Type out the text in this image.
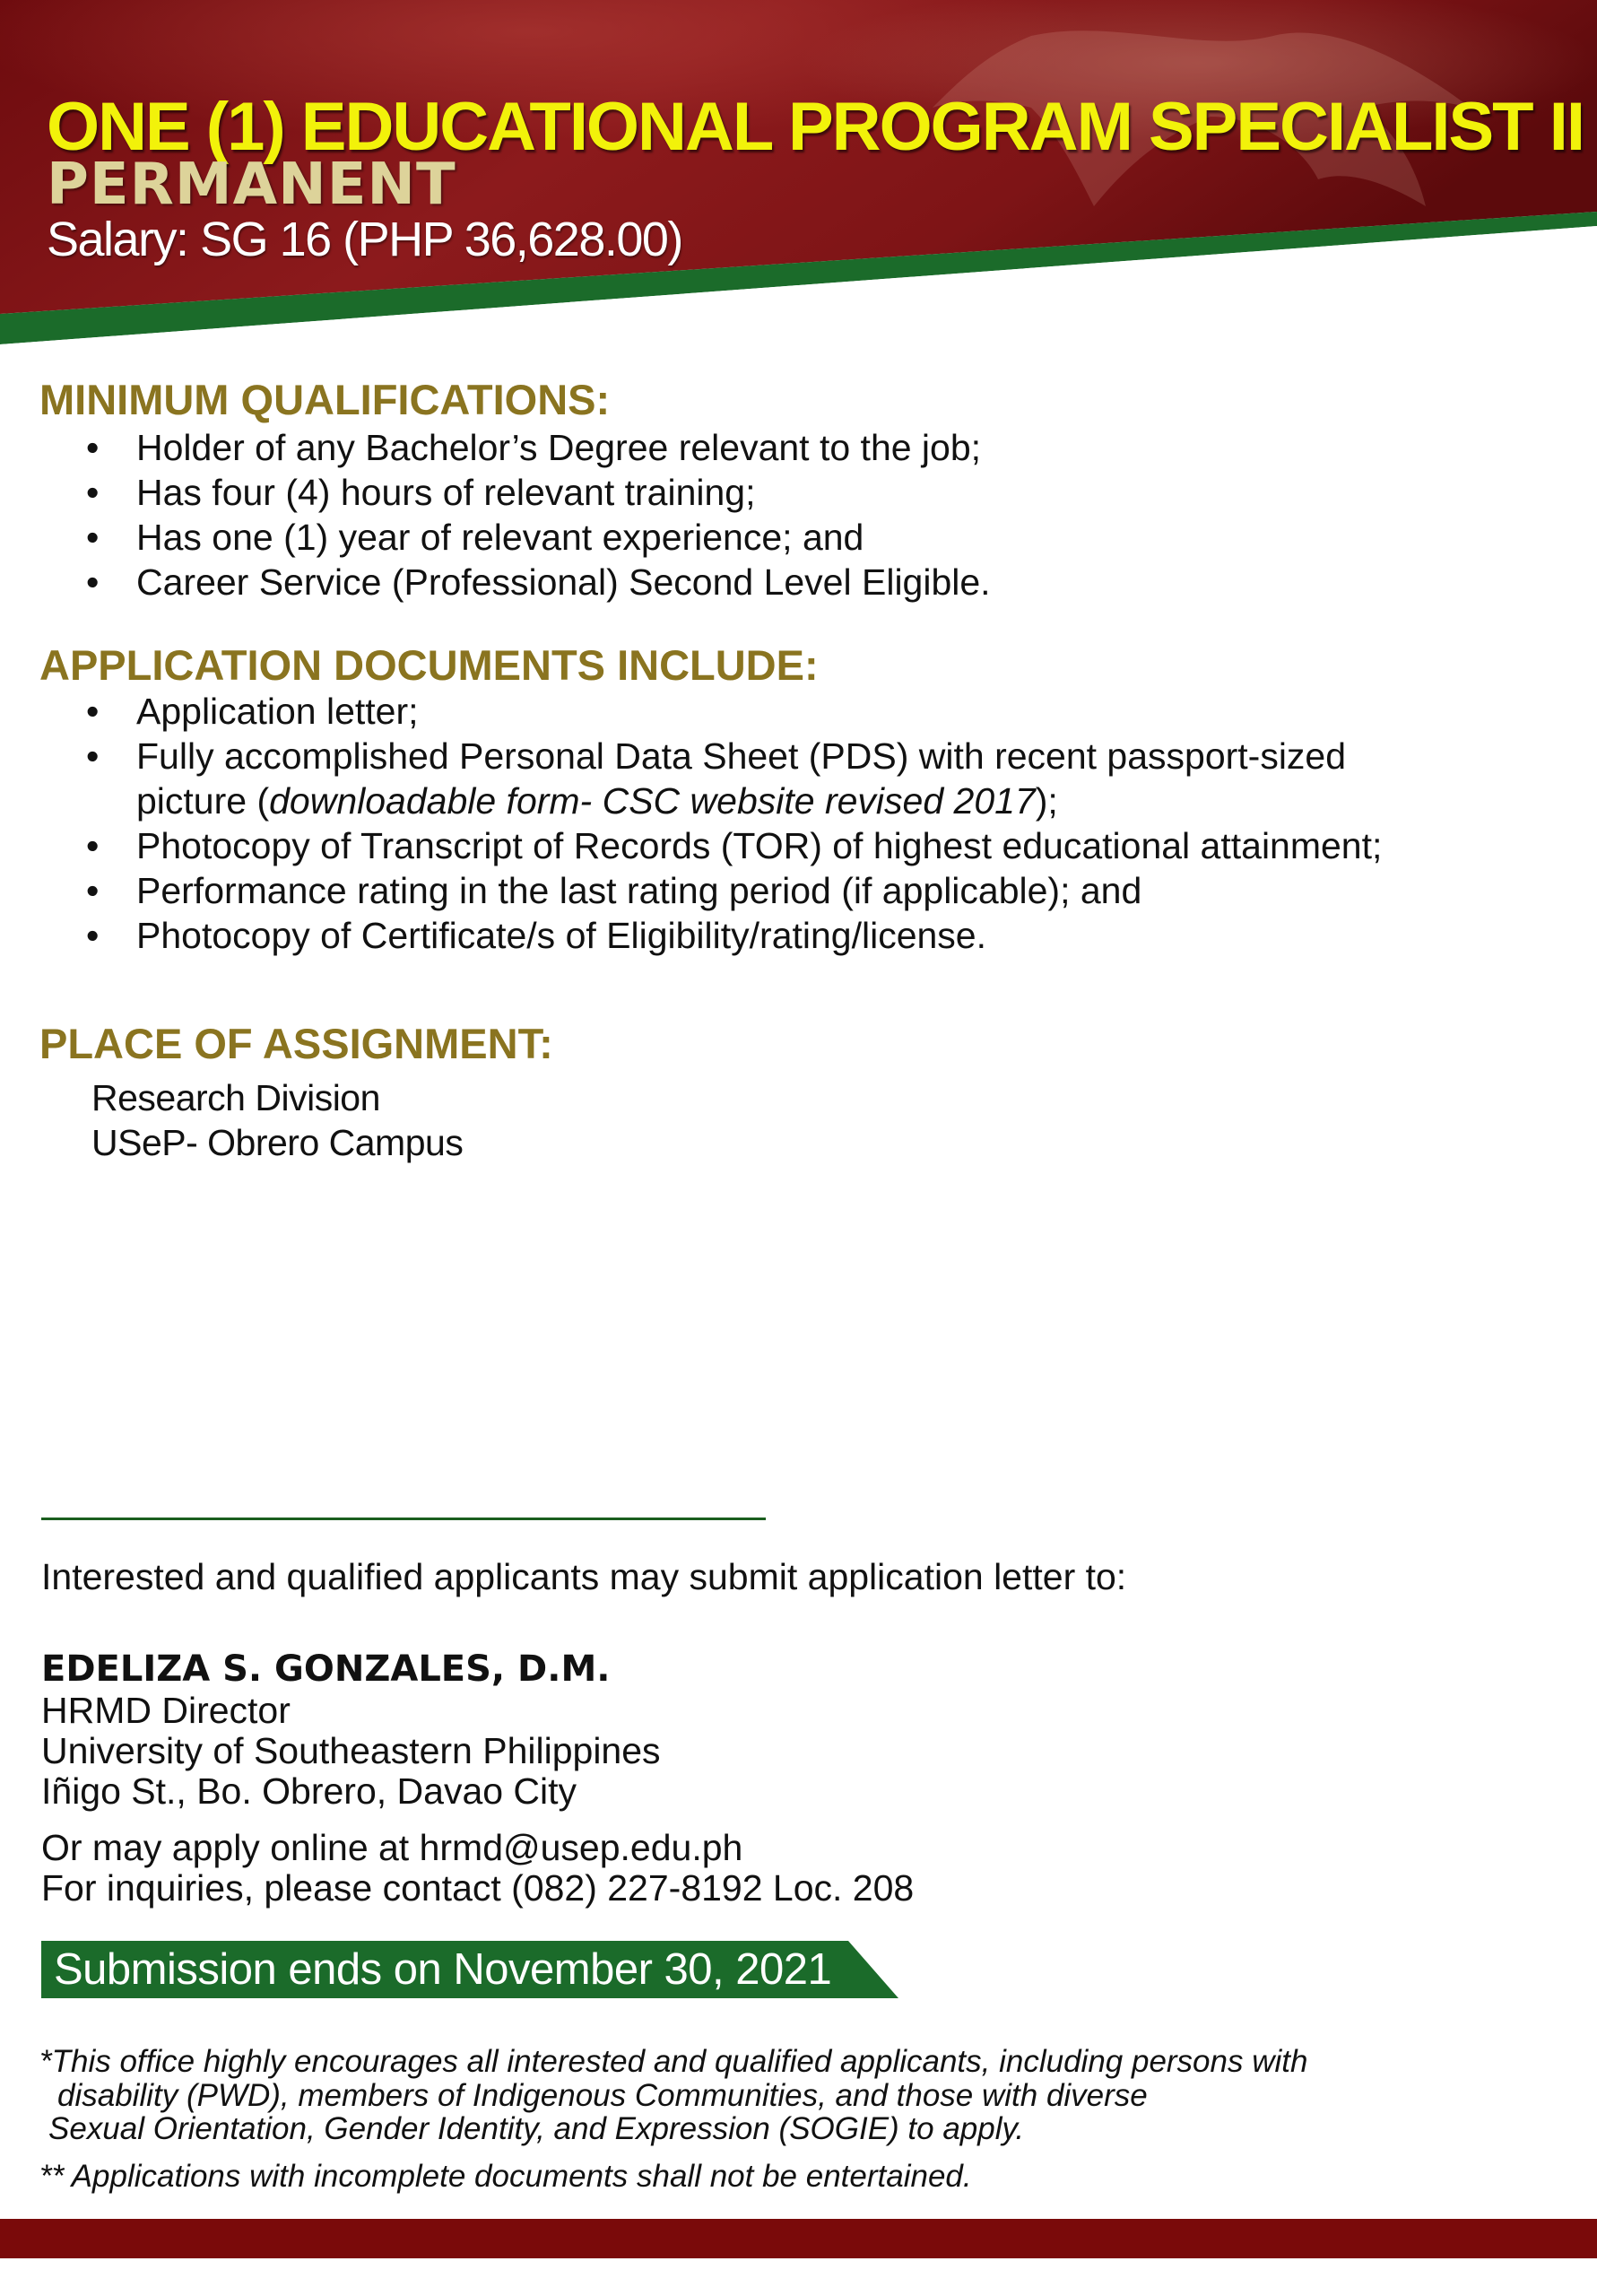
ONE (1) EDUCATIONAL PROGRAM SPECIALIST II
PERMANENT
Salary: SG 16 (PHP 36,628.00)
MINIMUM QUALIFICATIONS:
•	Holder of any Bachelor’s Degree relevant to the job;
•	Has four (4) hours of relevant training;
•	Has one (1) year of relevant experience; and
•	Career Service (Professional) Second Level Eligible.
APPLICATION DOCUMENTS INCLUDE:
•	Application letter;
•	Fully accomplished Personal Data Sheet (PDS) with recent passport-sized
picture (downloadable form- CSC website revised 2017);
•	Photocopy of Transcript of Records (TOR) of highest educational attainment;
•	Performance rating in the last rating period (if applicable); and
•	Photocopy of Certificate/s of Eligibility/rating/license.
PLACE OF ASSIGNMENT:
Research Division
USeP- Obrero Campus
Interested and qualified applicants may submit application letter to:
EDELIZA S. GONZALES, D.M.
HRMD Director
University of Southeastern Philippines
Iñigo St., Bo. Obrero, Davao City
Or may apply online at hrmd@usep.edu.ph
For inquiries, please contact (082) 227-8192 Loc. 208
Submission ends on November 30, 2021
*This office highly encourages all interested and qualified applicants, including persons with
disability (PWD), members of Indigenous Communities, and those with diverse
Sexual Orientation, Gender Identity, and Expression (SOGIE) to apply.
** Applications with incomplete documents shall not be entertained.
